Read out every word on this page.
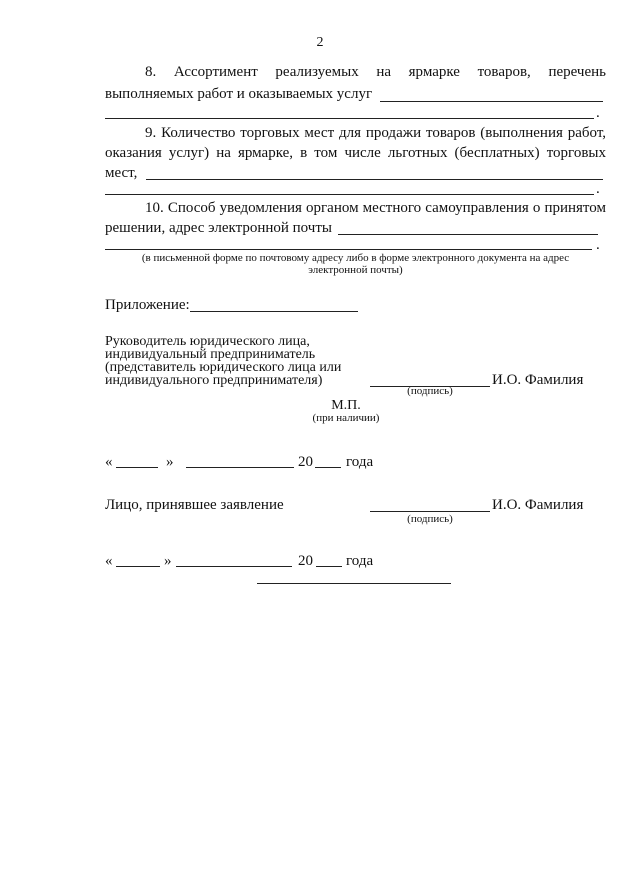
2
8. Ассортимент реализуемых на ярмарке товаров, перечень
выполняемых работ и оказываемых услуг
.
9. Количество торговых мест для продажи товаров (выполнения работ,
оказания услуг) на ярмарке, в том числе льготных (бесплатных) торговых
мест,
.
10. Способ уведомления органом местного самоуправления о принятом
решении, адрес электронной почты
.
(в письменной форме по почтовому адресу либо в форме электронного документа на адрес
электронной почты)
Приложение:
Руководитель юридического лица,
индивидуальный предприниматель
(представитель юридического лица или
индивидуального предпринимателя)
(подпись)
И.О. Фамилия
М.П.
(при наличии)
«	»	20 года
Лицо, принявшее заявление
(подпись)
И.О. Фамилия
«	»	20 года
